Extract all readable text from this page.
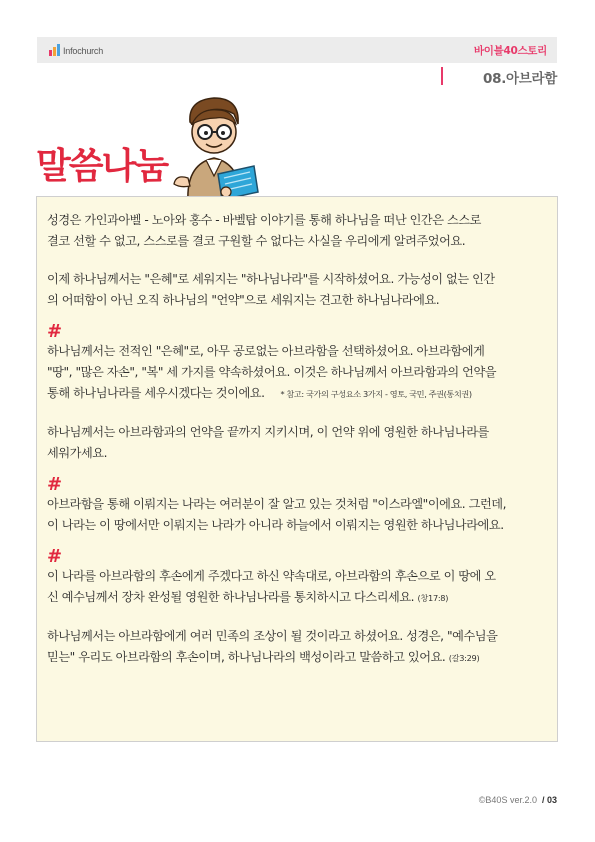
Infochurch	바이블40스토리
08.아브라함
말씀나눔

성경은 가인과아벨 - 노아와 홍수 - 바벨탑 이야기를 통해 하나님을 떠난 인간은 스스로

결코 선할 수 없고, 스스로를 결코 구원할 수 없다는 사실을 우리에게 알려주었어요.

이제 하나님께서는 "은혜"로 세워지는 "하나님나라"를 시작하셨어요. 가능성이 없는 인간

의 어떠함이 아닌 오직 하나님의 "언약"으로 세워지는 견고한 하나님나라에요.

#

하나님께서는 전적인 "은혜"로, 아무 공로없는 아브라함을 선택하셨어요. 아브라함에게

"땅", "많은 자손", "복" 세 가지를 약속하셨어요. 이것은 하나님께서 아브라함과의 언약을

통해 하나님나라를 세우시겠다는 것이에요. * 참고: 국가의 구성요소 3가지 - 영토, 국민, 주권(통치권)

하나님께서는 아브라함과의 언약을 끝까지 지키시며, 이 언약 위에 영원한 하나님나라를

세워가세요.

#

아브라함을 통해 이뤄지는 나라는 여러분이 잘 알고 있는 것처럼 "이스라엘"이에요. 그런데,

이 나라는 이 땅에서만 이뤄지는 나라가 아니라 하늘에서 이뤄지는 영원한 하나님나라에요.

#

이 나라를 아브라함의 후손에게 주겠다고 하신 약속대로, 아브라함의 후손으로 이 땅에 오

신 예수님께서 장차 완성될 영원한 하나님나라를 통치하시고 다스리세요. (창17:8)

하나님께서는 아브라함에게 여러 민족의 조상이 될 것이라고 하셨어요. 성경은, "예수님을

믿는" 우리도 아브라함의 후손이며, 하나님나라의 백성이라고 말씀하고 있어요. (갈3:29)

©B40S ver.2.0 / 03
